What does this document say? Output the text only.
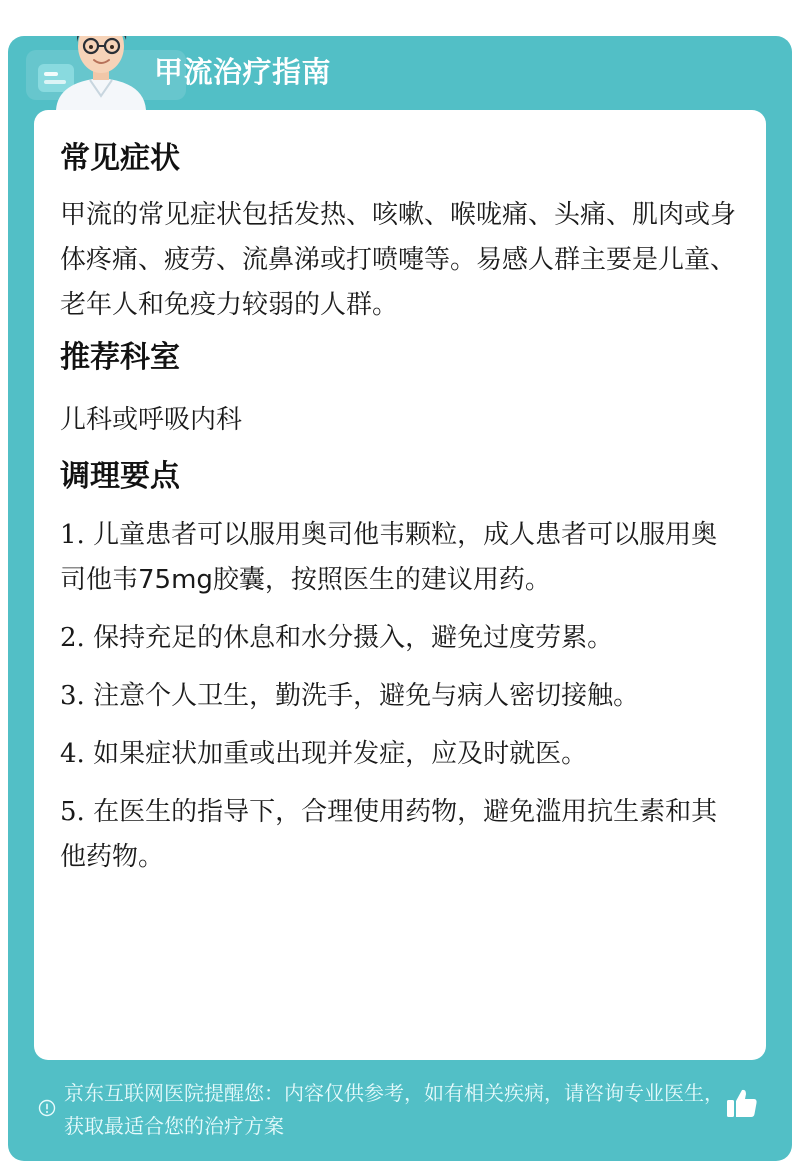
甲流治疗指南
常见症状

甲流的常见症状包括发热、咳嗽、喉咙痛、头痛、肌肉或身体疼痛、疲劳、流鼻涕或打喷嚏等。易感人群主要是儿童、老年人和免疫力较弱的人群。

推荐科室

儿科或呼吸内科

调理要点

1. 儿童患者可以服用奥司他韦颗粒，成人患者可以服用奥司他韦75mg胶囊，按照医生的建议用药。

2. 保持充足的休息和水分摄入，避免过度劳累。

3. 注意个人卫生，勤洗手，避免与病人密切接触。

4. 如果症状加重或出现并发症，应及时就医。

5. 在医生的指导下，合理使用药物，避免滥用抗生素和其他药物。

京东互联网医院提醒您：内容仅供参考，如有相关疾病，请咨询专业医生，获取最适合您的治疗方案
